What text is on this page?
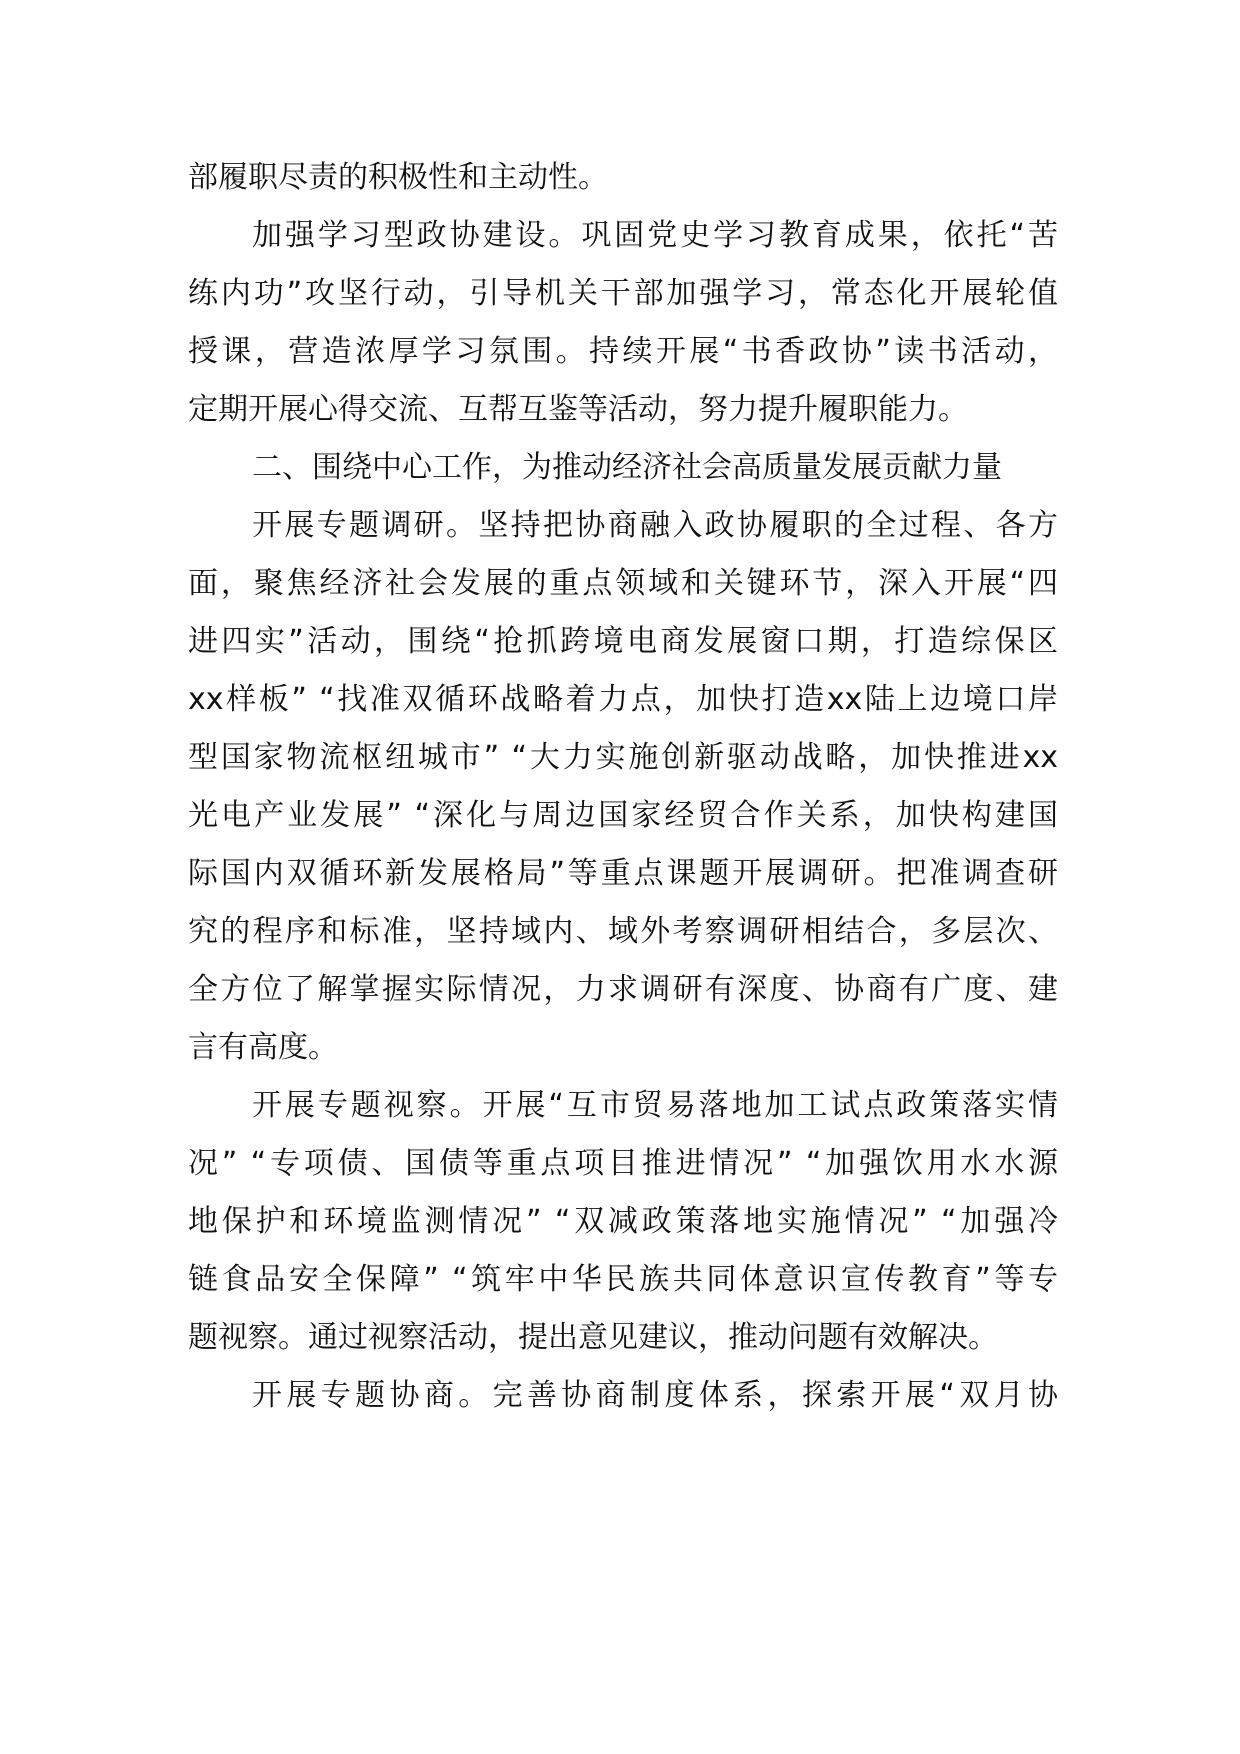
部履职尽责的积极性和主动性。
加强学习型政协建设。巩固党史学习教育成果，依托“苦
练内功”攻坚行动，引导机关干部加强学习，常态化开展轮值
授课，营造浓厚学习氛围。持续开展“书香政协”读书活动，
定期开展心得交流、互帮互鉴等活动，努力提升履职能力。
二、围绕中心工作，为推动经济社会高质量发展贡献力量
开展专题调研。坚持把协商融入政协履职的全过程、各方
面，聚焦经济社会发展的重点领域和关键环节，深入开展“四
进四实”活动，围绕“抢抓跨境电商发展窗口期，打造综保区
xx样板” “找准双循环战略着力点，加快打造xx陆上边境口岸
型国家物流枢纽城市” “大力实施创新驱动战略，加快推进xx
光电产业发展” “深化与周边国家经贸合作关系，加快构建国
际国内双循环新发展格局”等重点课题开展调研。把准调查研
究的程序和标准，坚持域内、域外考察调研相结合，多层次、
全方位了解掌握实际情况，力求调研有深度、协商有广度、建
言有高度。
开展专题视察。开展“互市贸易落地加工试点政策落实情
况” “专项债、国债等重点项目推进情况” “加强饮用水水源
地保护和环境监测情况” “双减政策落地实施情况” “加强冷
链食品安全保障” “筑牢中华民族共同体意识宣传教育”等专
题视察。通过视察活动，提出意见建议，推动问题有效解决。
开展专题协商。完善协商制度体系，探索开展“双月协
